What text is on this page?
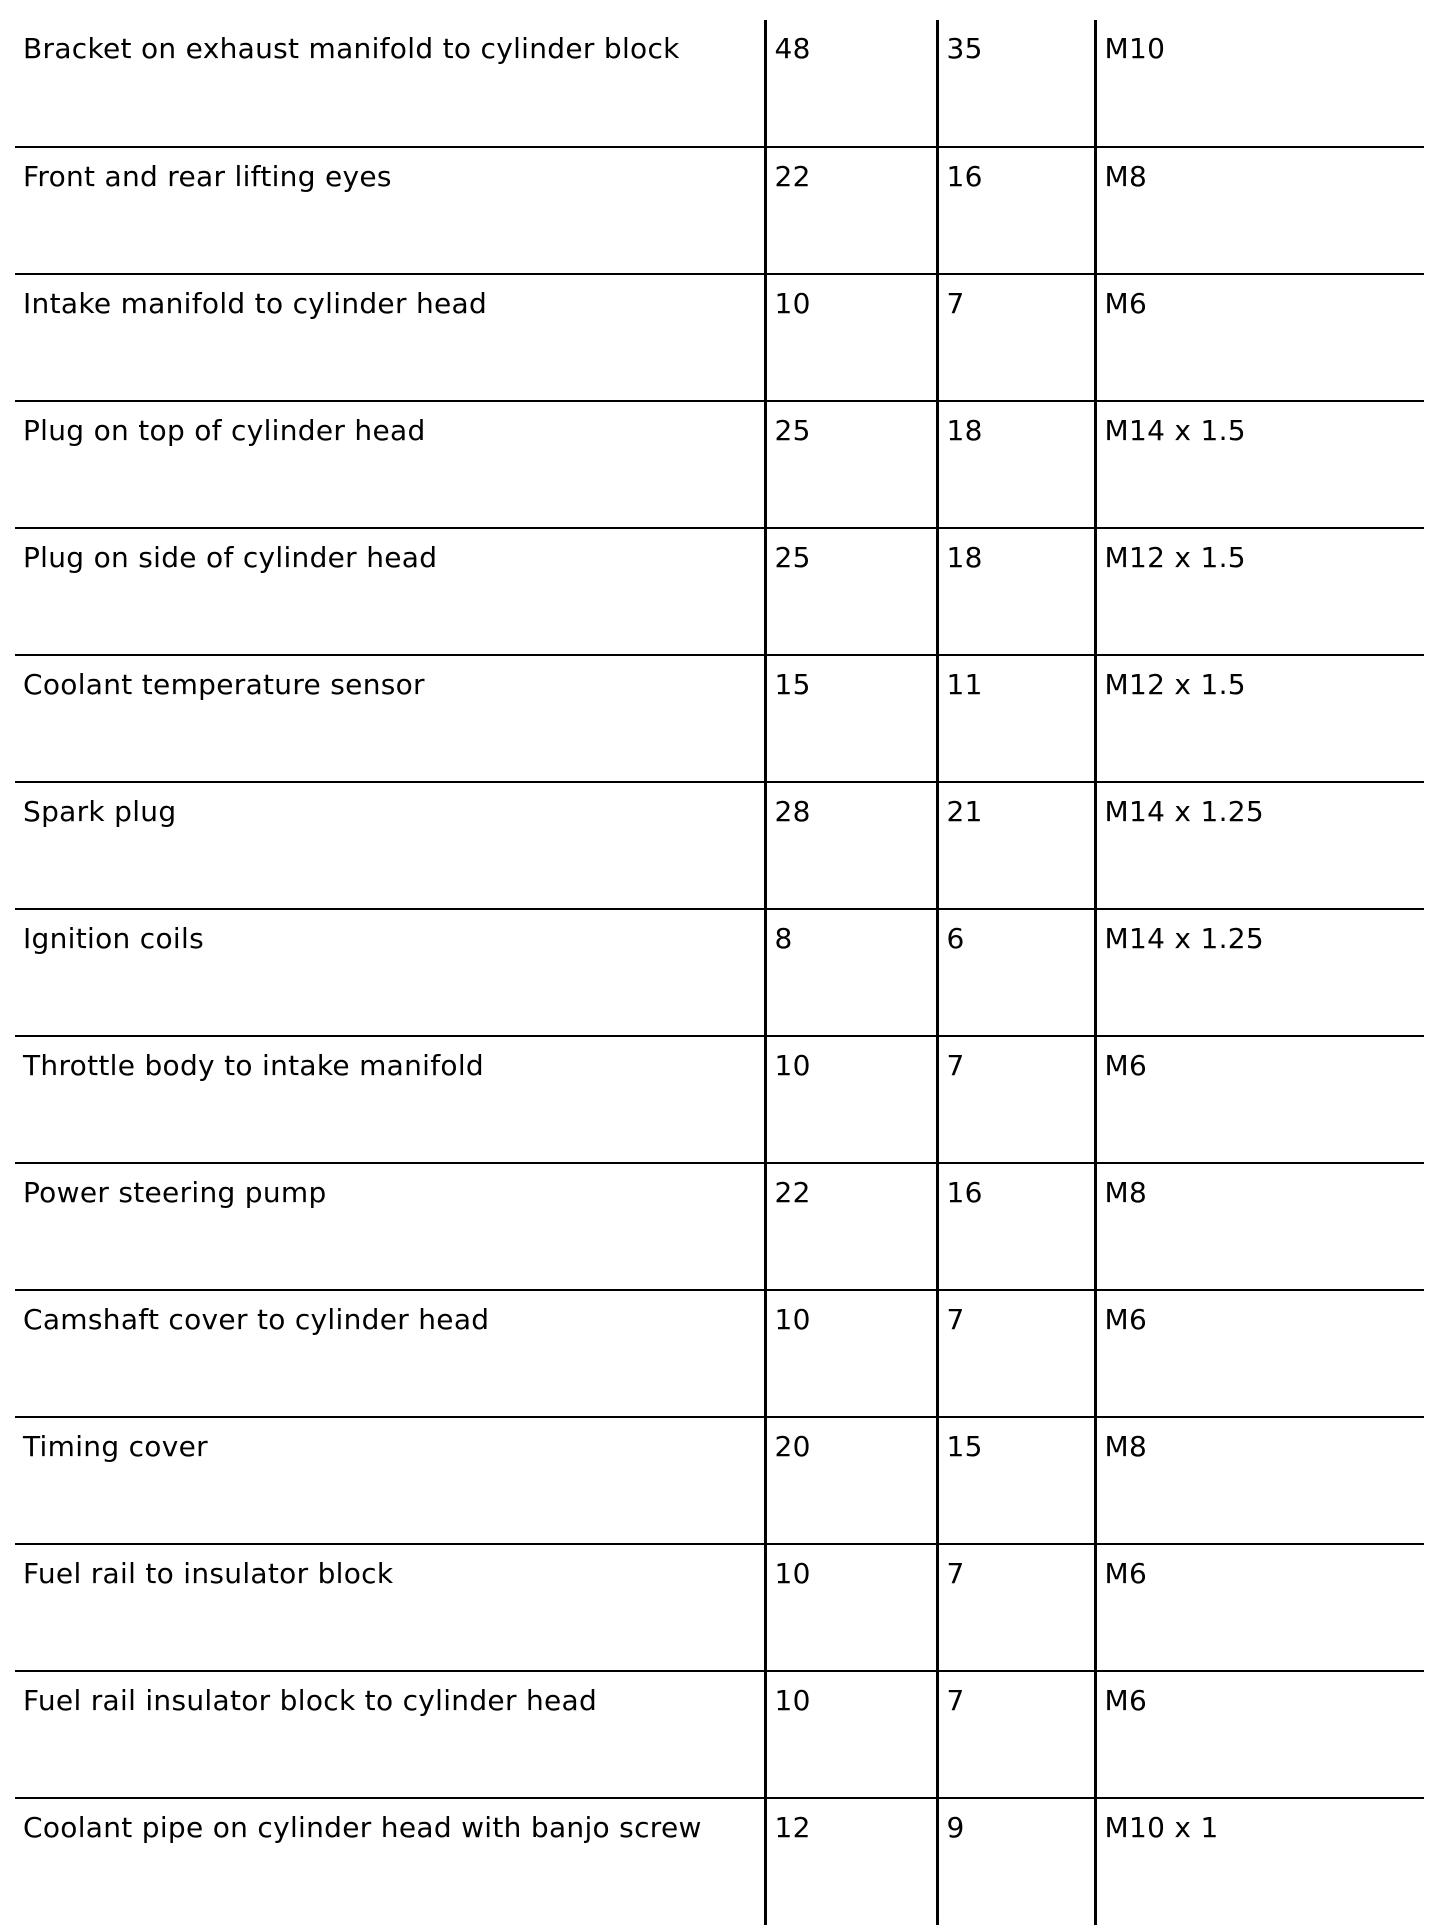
Bracket on exhaust manifold to cylinder block	48	35	M10
Front and rear lifting eyes	22	16	M8
Intake manifold to cylinder head	10	7	M6
Plug on top of cylinder head	25	18	M14 x 1.5
Plug on side of cylinder head	25	18	M12 x 1.5
Coolant temperature sensor	15	11	M12 x 1.5
Spark plug	28	21	M14 x 1.25
Ignition coils	8	6	M14 x 1.25
Throttle body to intake manifold	10	7	M6
Power steering pump	22	16	M8
Camshaft cover to cylinder head	10	7	M6
Timing cover	20	15	M8
Fuel rail to insulator block	10	7	M6
Fuel rail insulator block to cylinder head	10	7	M6
Coolant pipe on cylinder head with banjo screw	12	9	M10 x 1
